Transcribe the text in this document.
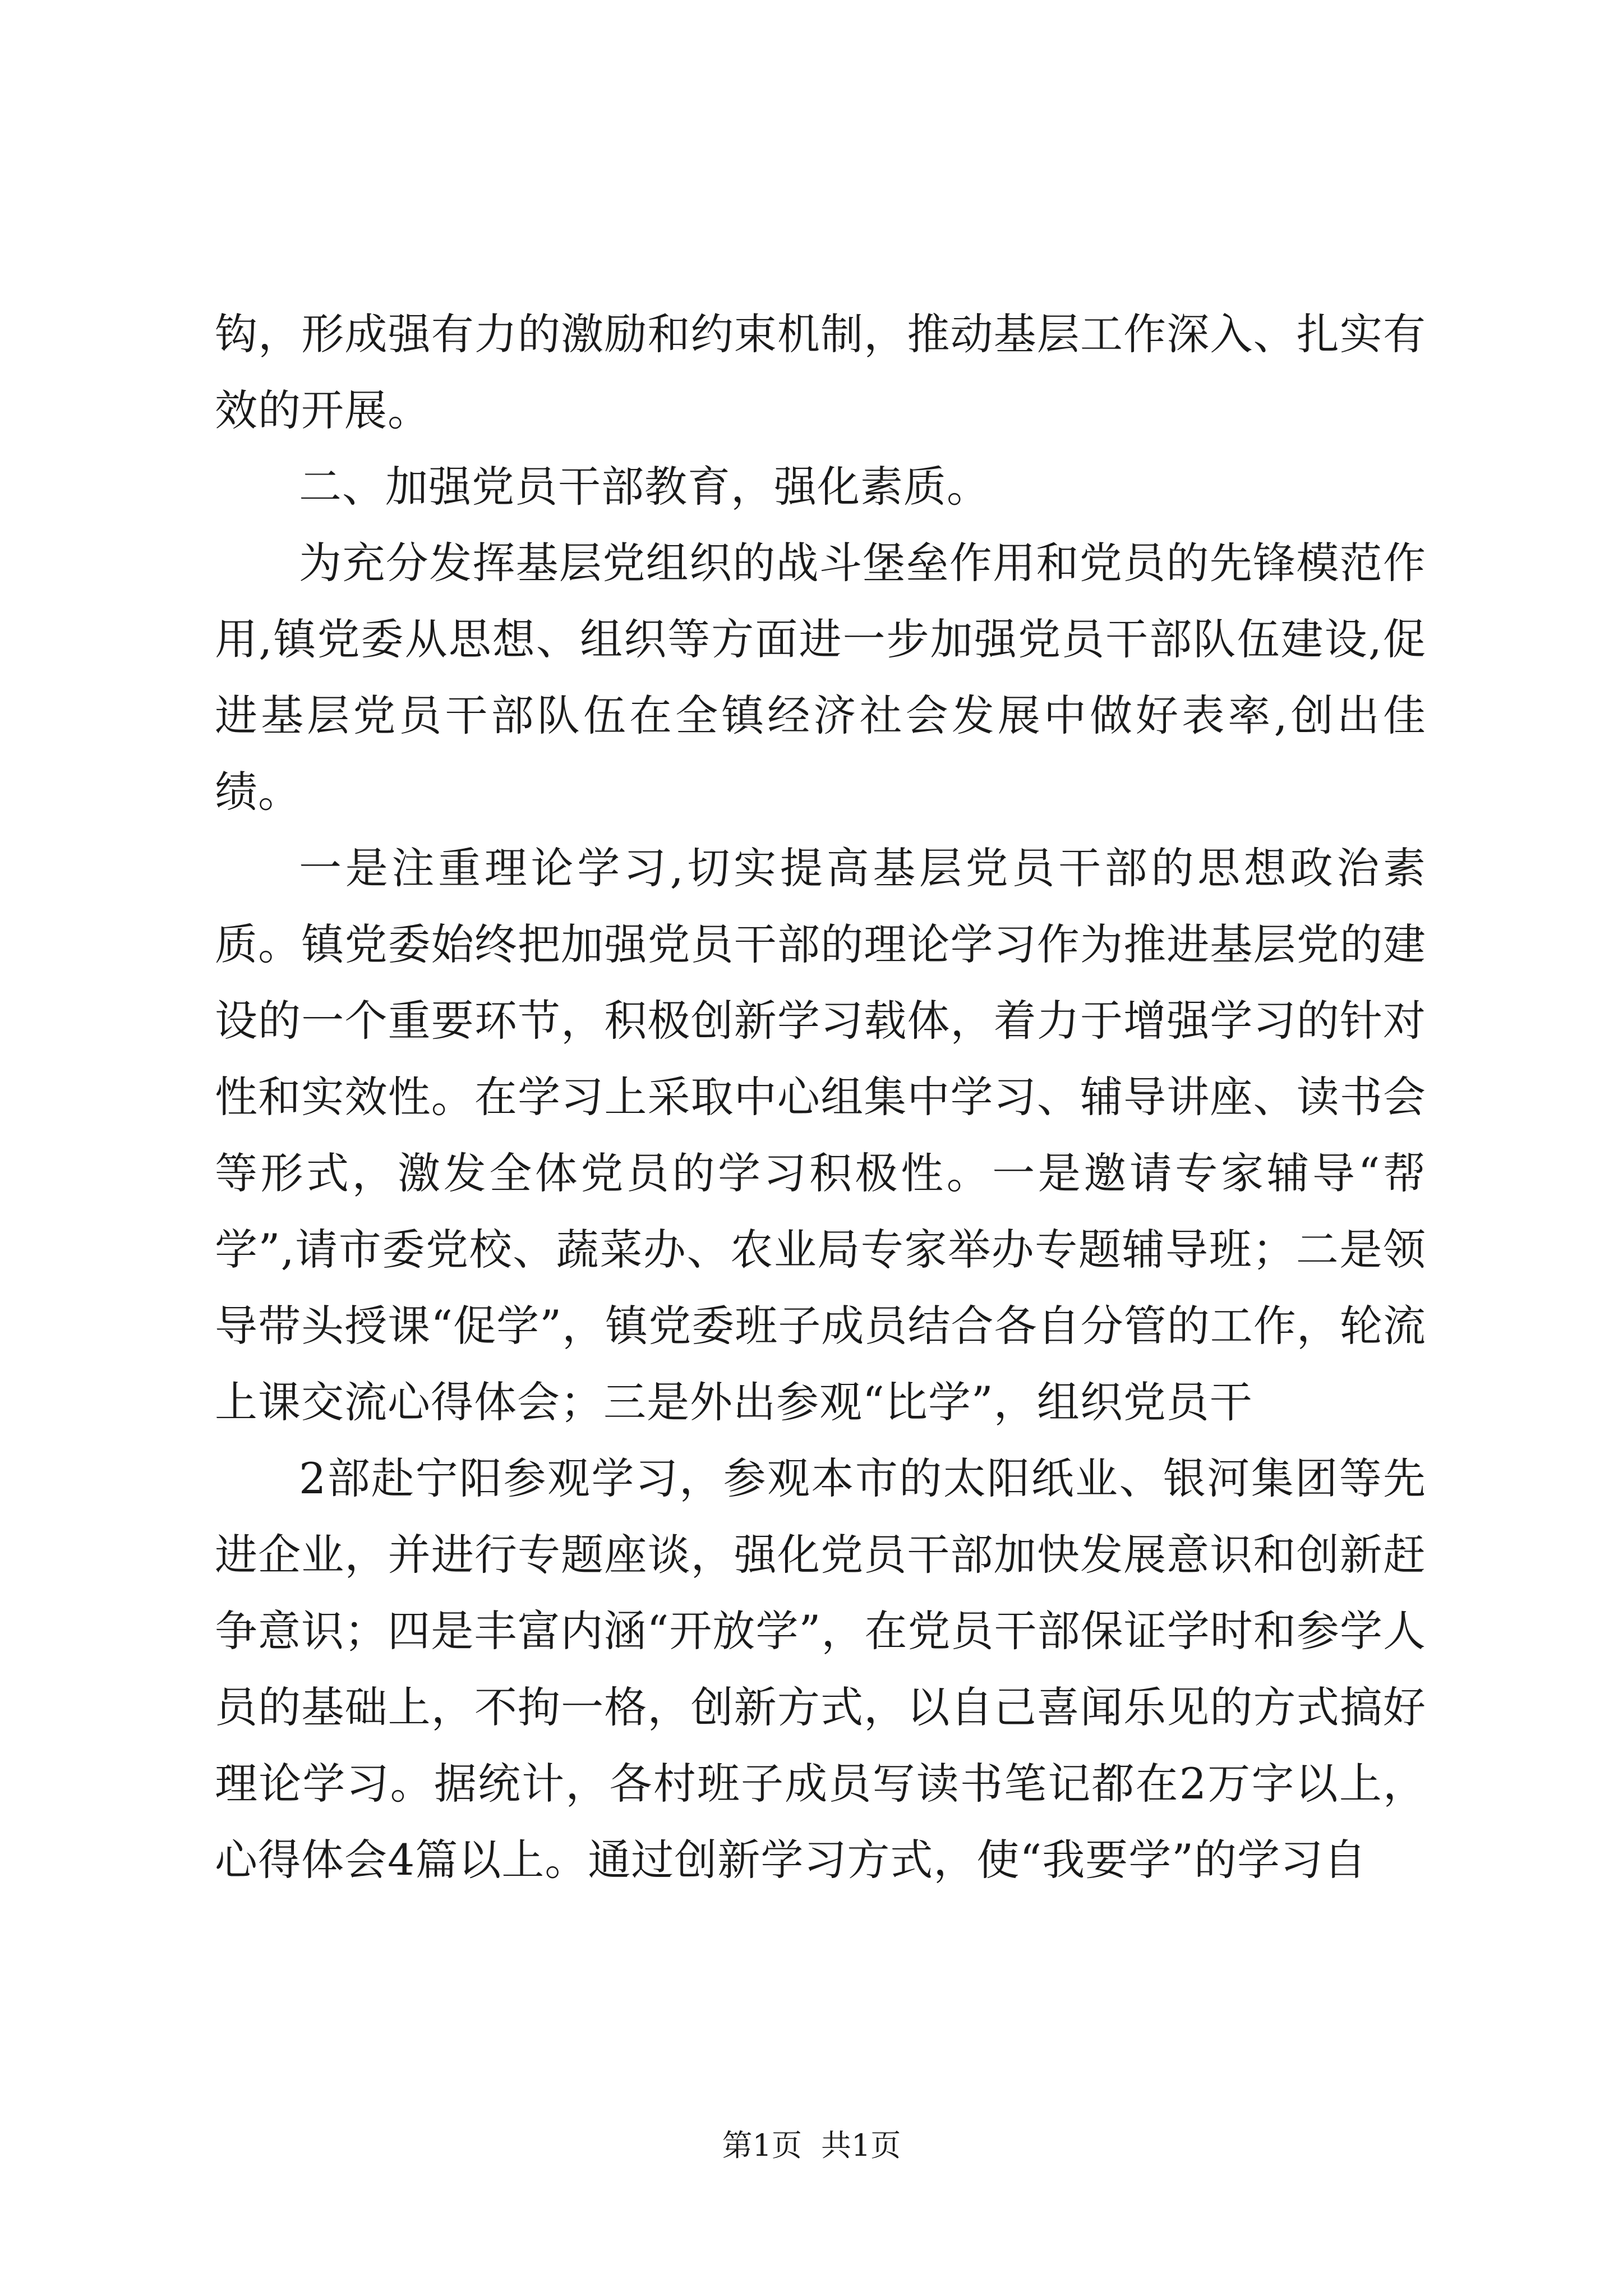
钩，形成强有力的激励和约束机制，推动基层工作深入、扎实有效的开展。

二、加强党员干部教育，强化素质。

为充分发挥基层党组织的战斗堡垒作用和党员的先锋模范作用,镇党委从思想、组织等方面进一步加强党员干部队伍建设,促进基层党员干部队伍在全镇经济社会发展中做好表率,创出佳绩。

一是注重理论学习,切实提高基层党员干部的思想政治素质。镇党委始终把加强党员干部的理论学习作为推进基层党的建设的一个重要环节，积极创新学习载体，着力于增强学习的针对性和实效性。在学习上采取中心组集中学习、辅导讲座、读书会等形式，激发全体党员的学习积极性。一是邀请专家辅导“帮学”,请市委党校、蔬菜办、农业局专家举办专题辅导班；二是领导带头授课“促学”，镇党委班子成员结合各自分管的工作，轮流上课交流心得体会；三是外出参观“比学”，组织党员干

2部赴宁阳参观学习，参观本市的太阳纸业、银河集团等先进企业，并进行专题座谈，强化党员干部加快发展意识和创新赶争意识；四是丰富内涵“开放学”，在党员干部保证学时和参学人员的基础上，不拘一格，创新方式，以自己喜闻乐见的方式搞好理论学习。据统计，各村班子成员写读书笔记都在2万字以上，心得体会4篇以上。通过创新学习方式，使“我要学”的学习自

第1页 共1页
